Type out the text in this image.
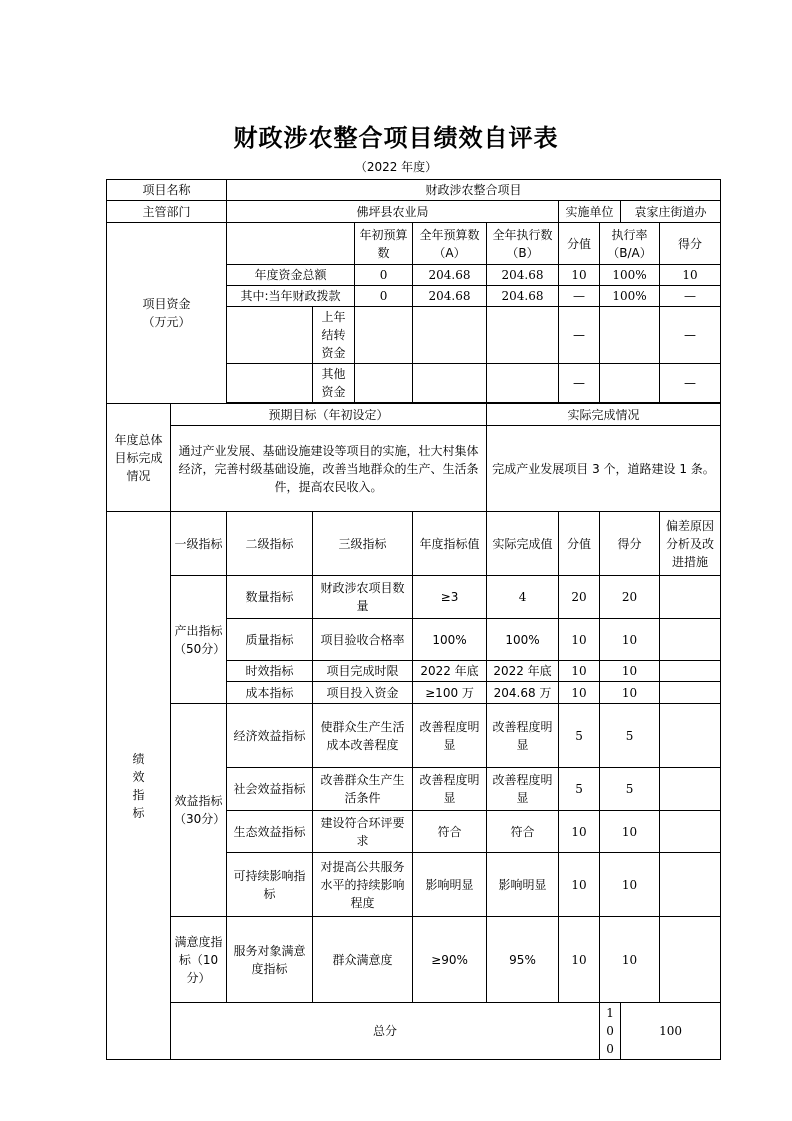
财政涉农整合项目绩效自评表
（2022 年度）
项目名称		财政涉农整合项目									
主管部门		佛坪县农业局					实施单位		袁家庄街道办		

项目资金
（万元）				年初预算数	全年预算数（A）	全年执行数（B）	分值	执行率（B/A）		得分	
		年度资金总额		0	204.68	204.68	10	100%		10	
		其中:当年财政拨款		0	204.68	204.68	—	100%		—	
			上年结转资金				—			—	
			其他资金				—			—	

年度总体目标完成情况	预期目标（年初设定）					实际完成情况					
	通过产业发展、基础设施建设等项目的实施，壮大村集体经济，完善村级基础设施，改善当地群众的生产、生活条件，提高农民收入。					完成产业发展项目 3 个，道路建设 1 条。					
绩效指标	一级指标	二级指标	三级指标		年度指标值	实际完成值	分值	得分		偏差原因分析及改进措施	
	产出指标（50分）	数量指标	财政涉农项目数量		≥3	4	20	20			
		质量指标	项目验收合格率		100%	100%	10	10			
		时效指标	项目完成时限		2022 年底	2022 年底	10	10			
		成本指标	项目投入资金		≥100 万	204.68 万	10	10			
	效益指标（30分）	经济效益指标	使群众生产生活成本改善程度		改善程度明显	改善程度明显	5	5			
		社会效益指标	改善群众生产生活条件		改善程度明显	改善程度明显	5	5			
		生态效益指标	建设符合环评要求		符合	符合	10	10			
		可持续影响指标	对提高公共服务水平的持续影响程度		影响明显	影响明显	10	10			
	满意度指标（10分）	服务对象满意度指标	群众满意度		≥90%	95%	10	10			
	总分							100	100	
